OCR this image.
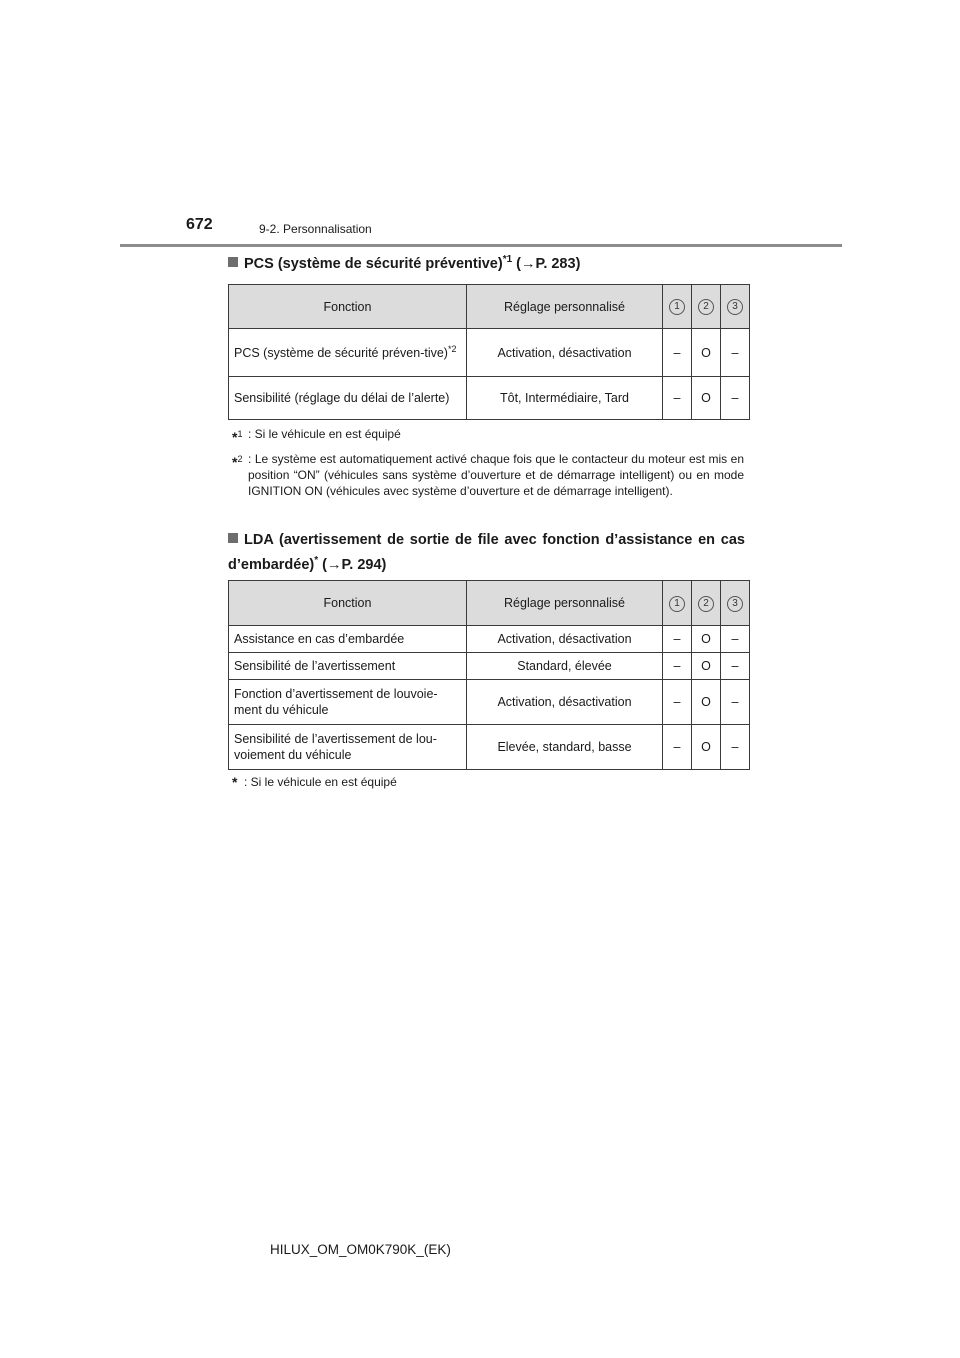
672	9-2. Personnalisation
PCS (système de sécurité préventive)$^{*1}$ (→P. 283)
Fonction	Réglage personnalisé	1	2	3
PCS (système de sécurité préven-tive)$^{*2}$	Activation, désactivation	–	O	–
Sensibilité (réglage du délai de l’alerte)	Tôt, Intermédiaire, Tard	–	O	–
*$^1$ : Si le véhicule en est équipé
*$^2$ : Le système est automatiquement activé chaque fois que le contacteur du moteur est mis en position “ON” (véhicules sans système d’ouverture et de démarrage intelligent) ou en mode IGNITION ON (véhicules avec système d’ouverture et de démarrage intelligent).
LDA (avertissement de sortie de file avec fonction d’assistance en cas d’embardée)* (→P. 294)
Fonction	Réglage personnalisé	1	2	3
Assistance en cas d’embardée	Activation, désactivation	–	O	–
Sensibilité de l’avertissement	Standard, élevée	–	O	–
Fonction d’avertissement de louvoie-ment du véhicule	Activation, désactivation	–	O	–
Sensibilité de l’avertissement de lou-voiement du véhicule	Elevée, standard, basse	–	O	–
* : Si le véhicule en est équipé
HILUX_OM_OM0K790K_(EK)
